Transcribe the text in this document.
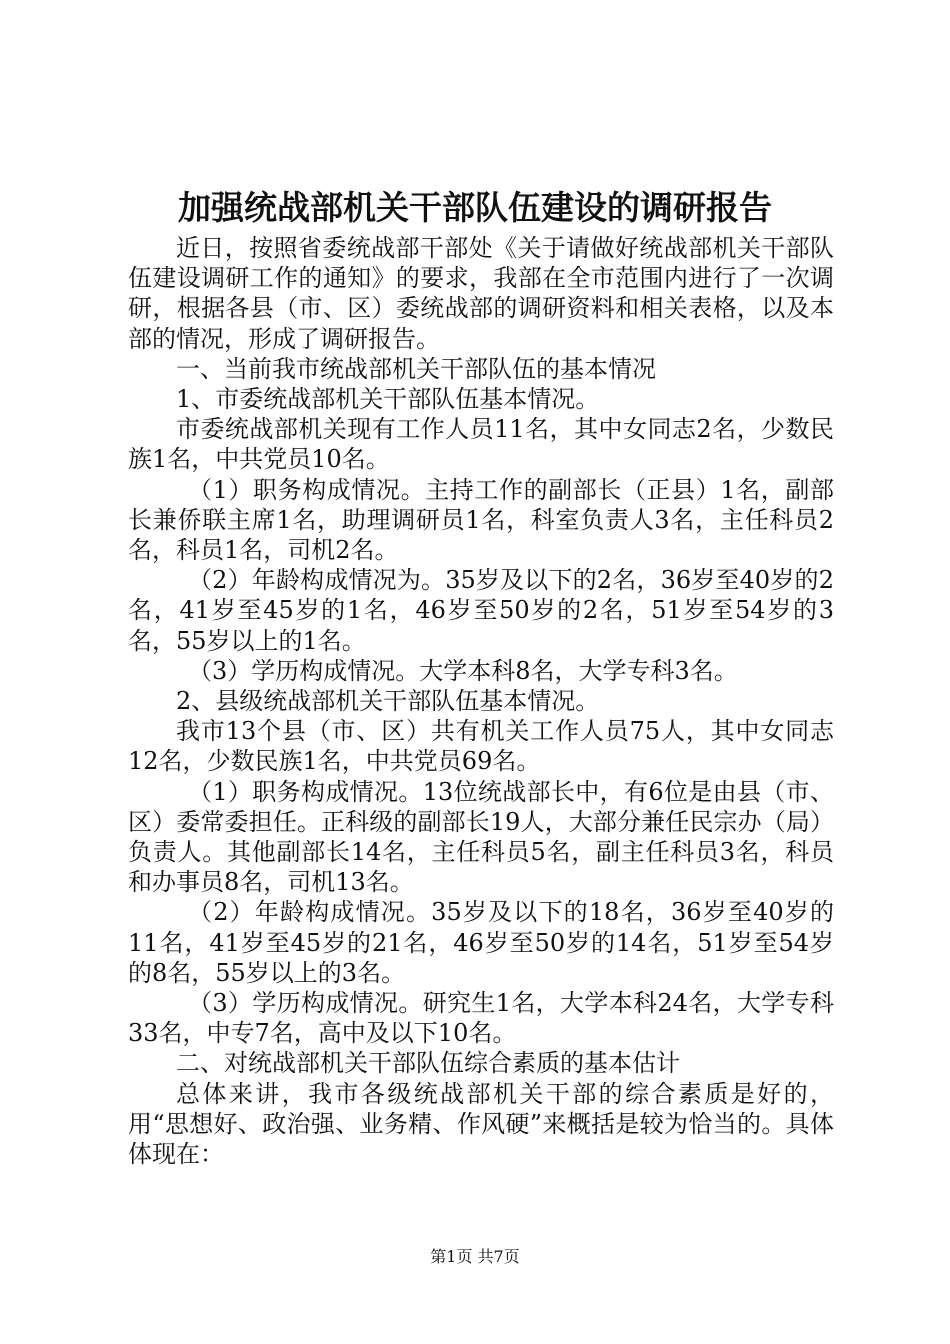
加强统战部机关干部队伍建设的调研报告

近日，按照省委统战部干部处《关于请做好统战部机关干部队伍建设调研工作的通知》的要求，我部在全市范围内进行了一次调研，根据各县（市、区）委统战部的调研资料和相关表格，以及本部的情况，形成了调研报告。

一、当前我市统战部机关干部队伍的基本情况

1、市委统战部机关干部队伍基本情况。

市委统战部机关现有工作人员11名，其中女同志2名，少数民族1名，中共党员10名。

（1）职务构成情况。主持工作的副部长（正县）1名，副部长兼侨联主席1名，助理调研员1名，科室负责人3名，主任科员2名，科员1名，司机2名。

（2）年龄构成情况为。35岁及以下的2名，36岁至40岁的2名，41岁至45岁的1名，46岁至50岁的2名，51岁至54岁的3名，55岁以上的1名。

（3）学历构成情况。大学本科8名，大学专科3名。

2、县级统战部机关干部队伍基本情况。

我市13个县（市、区）共有机关工作人员75人，其中女同志12名，少数民族1名，中共党员69名。

（1）职务构成情况。13位统战部长中，有6位是由县（市、区）委常委担任。正科级的副部长19人，大部分兼任民宗办（局）负责人。其他副部长14名，主任科员5名，副主任科员3名，科员和办事员8名，司机13名。

（2）年龄构成情况。35岁及以下的18名，36岁至40岁的11名，41岁至45岁的21名，46岁至50岁的14名，51岁至54岁的8名，55岁以上的3名。

（3）学历构成情况。研究生1名，大学本科24名，大学专科33名，中专7名，高中及以下10名。

二、对统战部机关干部队伍综合素质的基本估计

总体来讲，我市各级统战部机关干部的综合素质是好的，用“思想好、政治强、业务精、作风硬”来概括是较为恰当的。具体体现在：

第1页 共7页
